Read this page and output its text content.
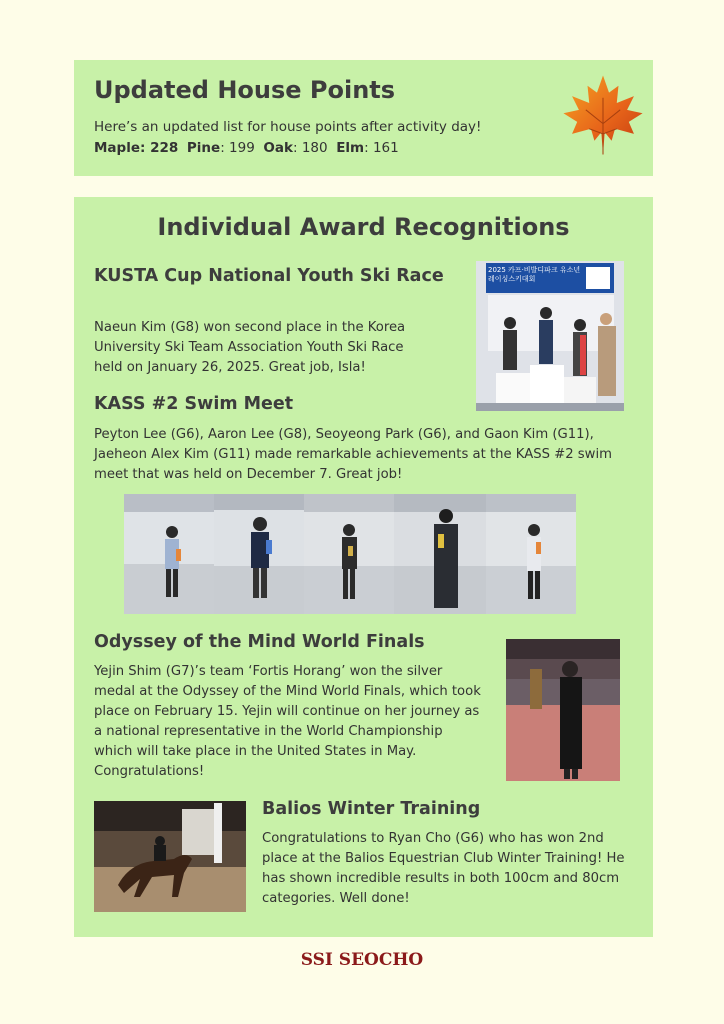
Updated House Points
Here’s an updated list for house points after activity day!
Maple: 228 Pine: 199 Oak: 180 Elm: 161
Individual Award Recognitions
KUSTA Cup National Youth Ski Race
Naeun Kim (G8) won second place in the Korea University Ski Team Association Youth Ski Race held on January 26, 2025. Great job, Isla!
2025 카프·비발디파크 유소년레이싱스키대회
KASS #2 Swim Meet
Peyton Lee (G6), Aaron Lee (G8), Seoyeong Park (G6), and Gaon Kim (G11), Jaeheon Alex Kim (G11) made remarkable achievements at the KASS #2 swim meet that was held on December 7. Great job!
Odyssey of the Mind World Finals
Yejin Shim (G7)’s team ‘Fortis Horang’ won the silver medal at the Odyssey of the Mind World Finals, which took place on February 15. Yejin will continue on her journey as a national representative in the World Championship which will take place in the United States in May. Congratulations!
Balios Winter Training
Congratulations to Ryan Cho (G6) who has won 2nd place at the Balios Equestrian Club Winter Training! He has shown incredible results in both 100cm and 80cm categories. Well done!
SSI SEOCHO
